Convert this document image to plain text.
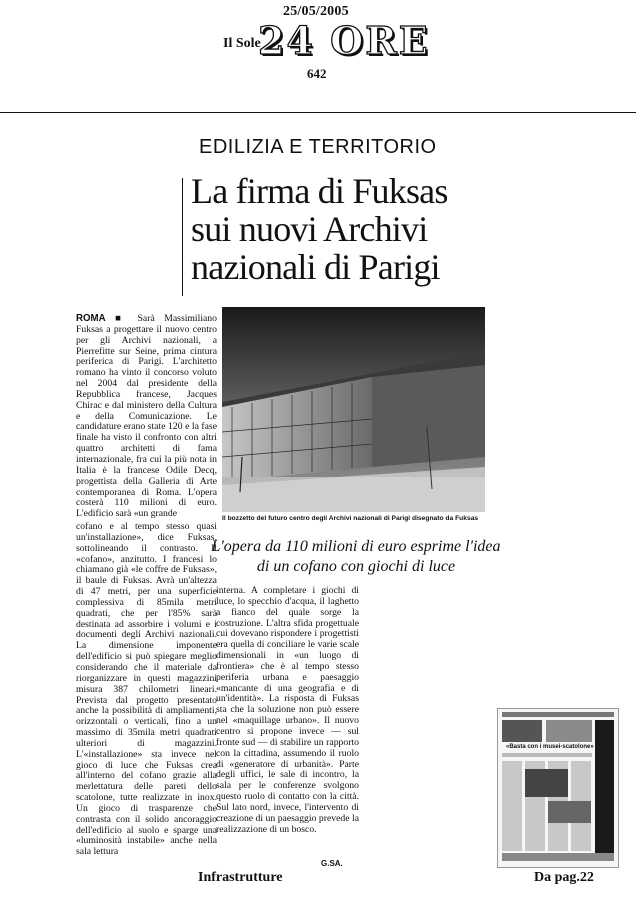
25/05/2005
Il Sole
24 ORE
642
EDILIZIA E TERRITORIO
La firma di Fuksas sui nuovi Archivi nazionali di Parigi
ROMA ■ Sarà Massimiliano Fuksas a progettare il nuovo centro per gli Archivi nazionali, a Pierrefitte sur Seine, prima cintura periferica di Parigi. L'architetto romano ha vinto il concorso voluto nel 2004 dal presidente della Repubblica francese, Jacques Chirac e dal ministero della Cultura e della Comunicazione. Le candidature erano state 120 e la fase finale ha visto il confronto con altri quattro architetti di fama internazionale, fra cui la più nota in Italia è la francese Odile Decq, progettista della Galleria di Arte contemporanea di Roma. L'opera costerà 110 milioni di euro. L'edificio sarà «un grande
cofano e al tempo stesso quasi un'installazione», dice Fuksas, sottolineando il contrasto. Il «cofano», anzitutto. I francesi lo chiamano già «le coffre de Fuksas», il baule di Fuksas. Avrà un'altezza di 47 metri, per una superficie complessiva di 85mila metri quadrati, che per l'85% sarà destinata ad assorbire i volumi e i documenti degli Archivi nazionali. La dimensione imponente dell'edificio si può spiegare meglio considerando che il materiale da riorganizzare in questi magazzini misura 387 chilometri lineari. Prevista dal progetto presentato anche la possibilità di ampliamenti, orizzontali o verticali, fino a un massimo di 35mila metri quadrati ulteriori di magazzini. L'«installazione» sta invece nel gioco di luce che Fuksas crea all'interno del cofano grazie alla merlettatura delle pareti dello scatolone, tutte realizzate in inox. Un gioco di trasparenze che contrasta con il solido ancoraggio dell'edificio al suolo e sparge una «luminosità instabile» anche nella sala lettura
interna. A completare i giochi di luce, lo specchio d'acqua, il laghetto a fianco del quale sorge la costruzione. L'altra sfida progettuale cui dovevano rispondere i progettisti era quella di conciliare le varie scale dimensionali in «un luogo di frontiera» che è al tempo stesso periferia urbana e paesaggio «mancante di una geografia e di un'identità». La risposta di Fuksas sta che la soluzione non può essere nel «maquillage urbano». Il nuovo centro si propone invece — sul fronte sud — di stabilire un rapporto con la cittadina, assumendo il ruolo di «generatore di urbanità». Parte degli uffici, le sale di incontro, la sala per le conferenze svolgono questo ruolo di contatto con la città. Sul lato nord, invece, l'intervento di creazione di un paesaggio prevede la realizzazione di un bosco.
Il bozzetto del futuro centro degli Archivi nazionali di Parigi disegnato da Fuksas
L'opera da 110 milioni di euro esprime l'idea di un cofano con giochi di luce
G.SA.
Infrastrutture	Da pag.22
«Basta con i musei-scatolone»
